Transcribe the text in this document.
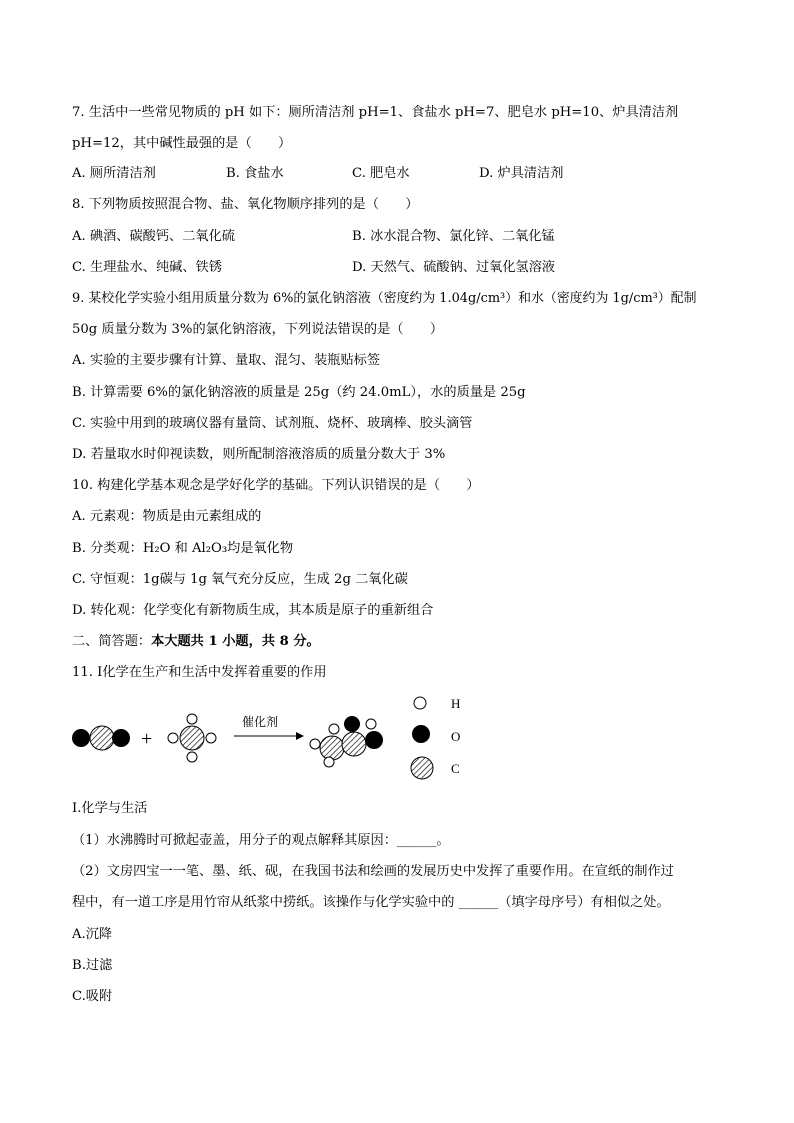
7. 生活中一些常见物质的 pH 如下：厕所清洁剂 pH=1、食盐水 pH=7、肥皂水 pH=10、炉具清洁剂
pH=12，其中碱性最强的是（　　）
A. 厕所清洁剂	B. 食盐水	C. 肥皂水	D. 炉具清洁剂
8. 下列物质按照混合物、盐、氧化物顺序排列的是（　　）
A. 碘酒、碳酸钙、二氧化硫	B. 冰水混合物、氯化锌、二氧化锰
C. 生理盐水、纯碱、铁锈	D. 天然气、硫酸钠、过氧化氢溶液
9. 某校化学实验小组用质量分数为 6%的氯化钠溶液（密度约为 1.04g/cm³）和水（密度约为 1g/cm³）配制
50g 质量分数为 3%的氯化钠溶液，下列说法错误的是（　　）
A. 实验的主要步骤有计算、量取、混匀、装瓶贴标签
B. 计算需要 6%的氯化钠溶液的质量是 25g（约 24.0mL），水的质量是 25g
C. 实验中用到的玻璃仪器有量筒、试剂瓶、烧杯、玻璃棒、胶头滴管
D. 若量取水时仰视读数，则所配制溶液溶质的质量分数大于 3%
10. 构建化学基本观念是学好化学的基础。下列认识错误的是（　　）
A. 元素观：物质是由元素组成的
B. 分类观：H₂O 和 Al₂O₃均是氧化物
C. 守恒观：1g碳与 1g 氧气充分反应，生成 2g 二氧化碳
D. 转化观：化学变化有新物质生成，其本质是原子的重新组合
二、简答题：本大题共 1 小题，共 8 分。
11. Ⅰ化学在生产和生活中发挥着重要的作用
+
催化剂
H
O
C
I.化学与生活
（1）水沸腾时可掀起壶盖，用分子的观点解释其原因：______。
（2）文房四宝一一笔、墨、纸、砚，在我国书法和绘画的发展历史中发挥了重要作用。在宣纸的制作过
程中，有一道工序是用竹帘从纸浆中捞纸。该操作与化学实验中的 ______（填字母序号）有相似之处。
A.沉降
B.过滤
C.吸附
